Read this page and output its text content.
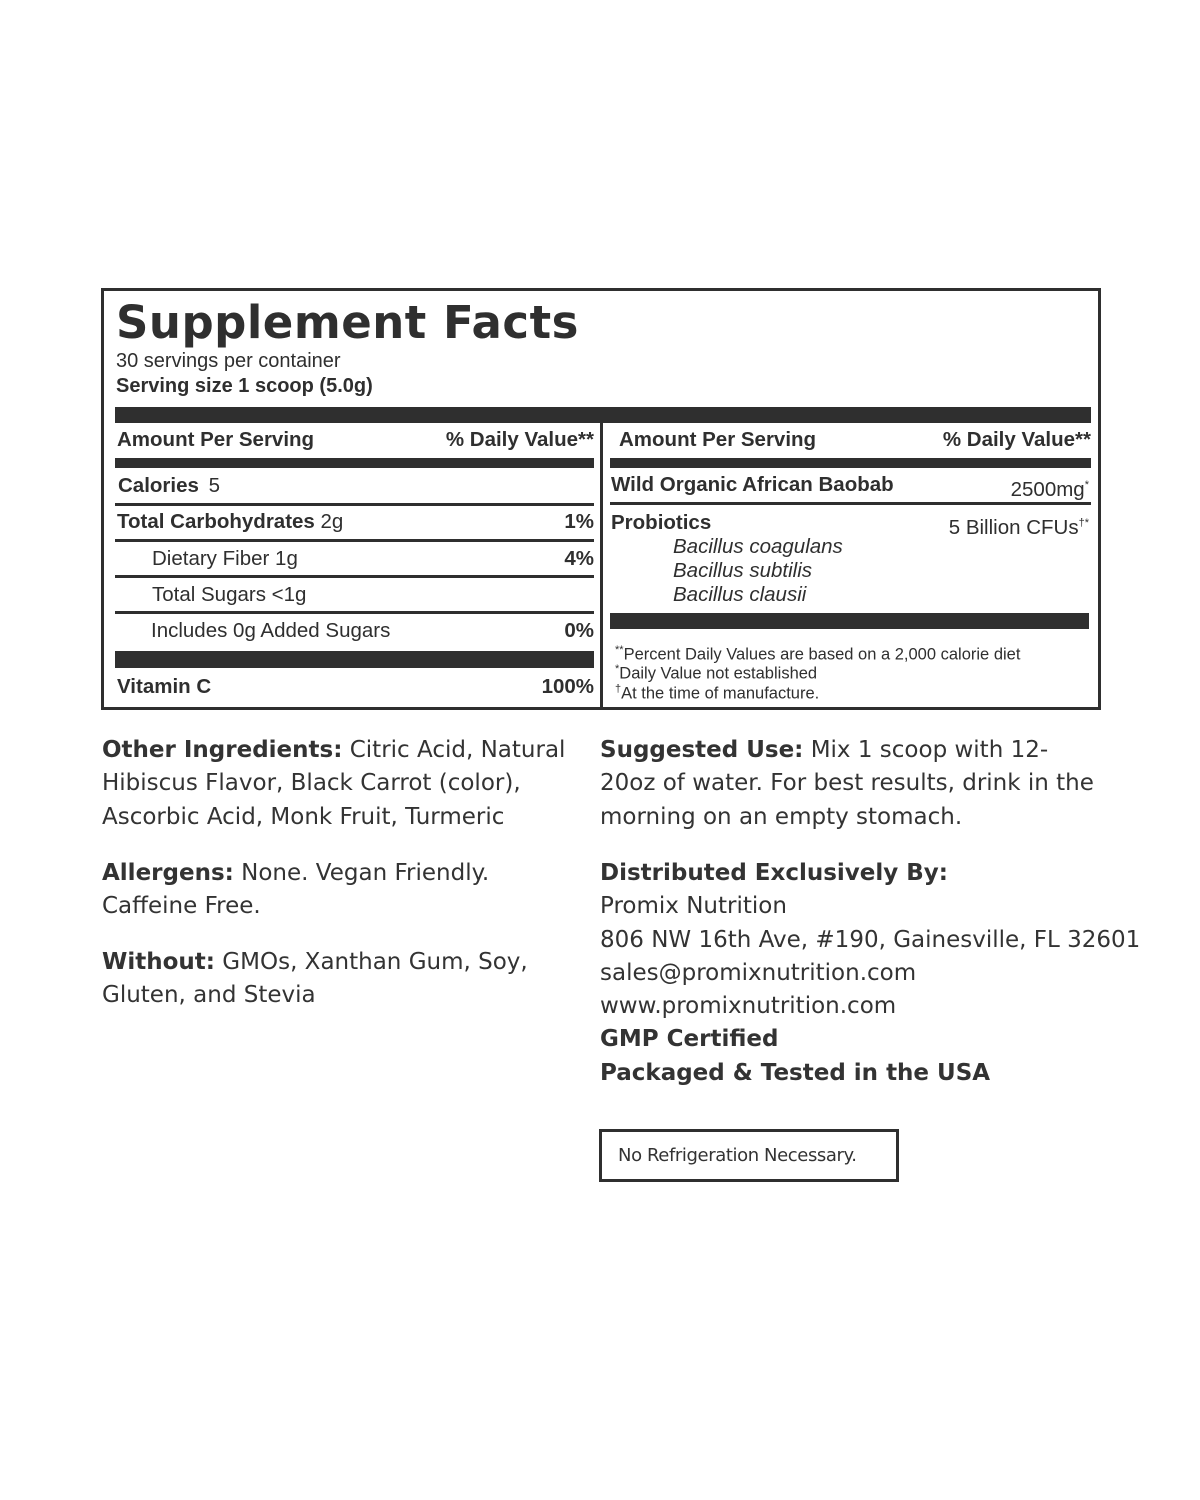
Supplement Facts
30 servings per container
Serving size 1 scoop (5.0g)
Amount Per Serving	% Daily Value**
Calories 5
Total Carbohydrates 2g	1%
Dietary Fiber 1g	4%
Total Sugars <1g
Includes 0g Added Sugars	0%
Vitamin C	100%
Amount Per Serving	% Daily Value**
Wild Organic African Baobab	2500mg*
Probiotics	5 Billion CFUs†*
Bacillus coagulans
Bacillus subtilis
Bacillus clausii
**Percent Daily Values are based on a 2,000 calorie diet
*Daily Value not established
†At the time of manufacture.
Other Ingredients: Citric Acid, Natural Hibiscus Flavor, Black Carrot (color), Ascorbic Acid, Monk Fruit, Turmeric
Allergens: None. Vegan Friendly. Caffeine Free.
Without: GMOs, Xanthan Gum, Soy, Gluten, and Stevia
Suggested Use: Mix 1 scoop with 12-20oz of water. For best results, drink in the morning on an empty stomach.
Distributed Exclusively By:
Promix Nutrition
806 NW 16th Ave, #190, Gainesville, FL 32601
sales@promixnutrition.com
www.promixnutrition.com
GMP Certified
Packaged & Tested in the USA
No Refrigeration Necessary.
